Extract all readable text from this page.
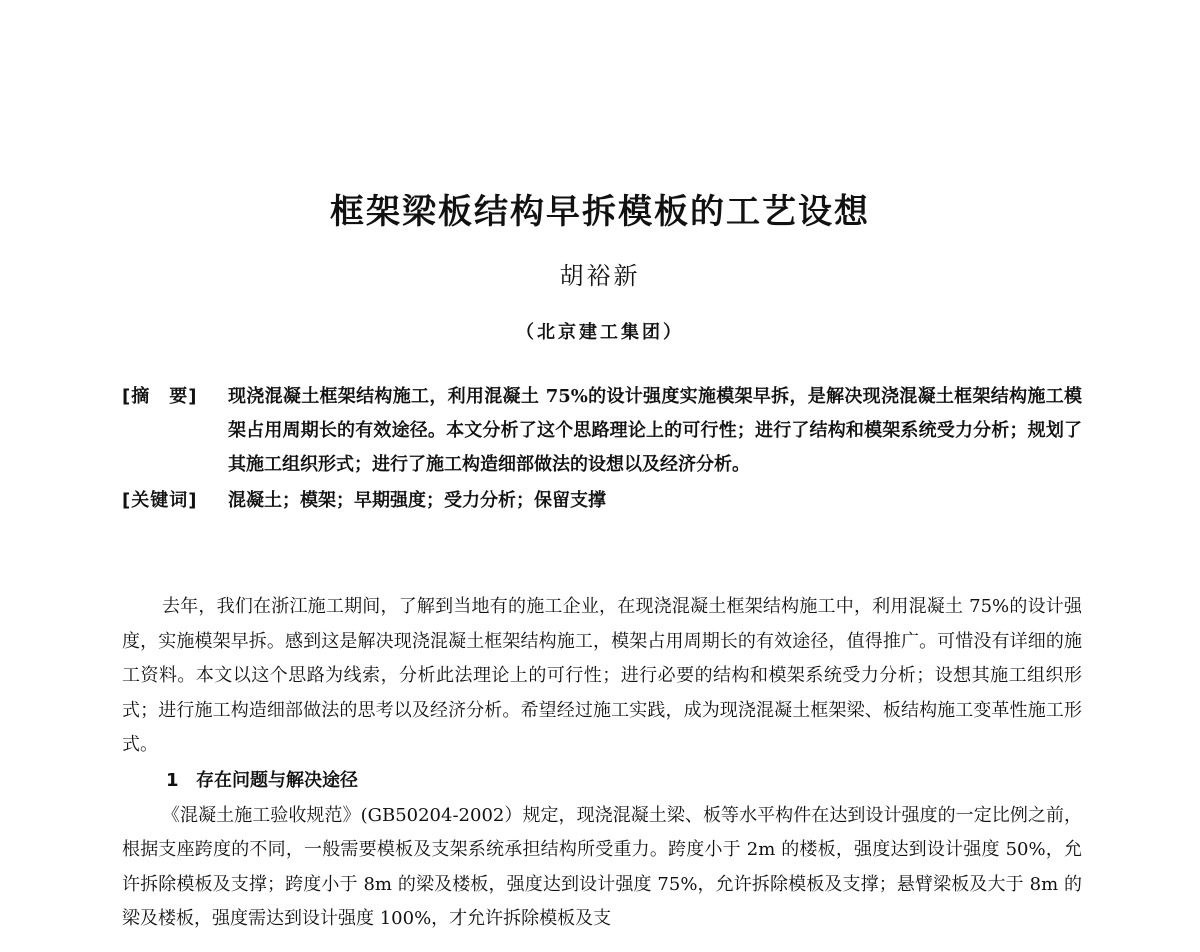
框架梁板结构早拆模板的工艺设想
胡裕新
（北京建工集团）
[摘　要]	现浇混凝土框架结构施工，利用混凝土 75%的设计强度实施模架早拆，是解决现浇混凝土框架结构施工模架占用周期长的有效途径。本文分析了这个思路理论上的可行性；进行了结构和模架系统受力分析；规划了其施工组织形式；进行了施工构造细部做法的设想以及经济分析。
[关键词]	混凝土；模架；早期强度；受力分析；保留支撑

去年，我们在浙江施工期间，了解到当地有的施工企业，在现浇混凝土框架结构施工中，利用混凝土 75%的设计强度，实施模架早拆。感到这是解决现浇混凝土框架结构施工，模架占用周期长的有效途径，值得推广。可惜没有详细的施工资料。本文以这个思路为线索，分析此法理论上的可行性；进行必要的结构和模架系统受力分析；设想其施工组织形式；进行施工构造细部做法的思考以及经济分析。希望经过施工实践，成为现浇混凝土框架梁、板结构施工变革性施工形式。

1 存在问题与解决途径

《混凝土施工验收规范》(GB50204-2002）规定，现浇混凝土梁、板等水平构件在达到设计强度的一定比例之前，根据支座跨度的不同，一般需要模板及支架系统承担结构所受重力。跨度小于 2m 的楼板，强度达到设计强度 50%，允许拆除模板及支撑；跨度小于 8m 的梁及楼板，强度达到设计强度 75%，允许拆除模板及支撑；悬臂梁板及大于 8m 的梁及楼板，强度需达到设计强度 100%，才允许拆除模板及支
